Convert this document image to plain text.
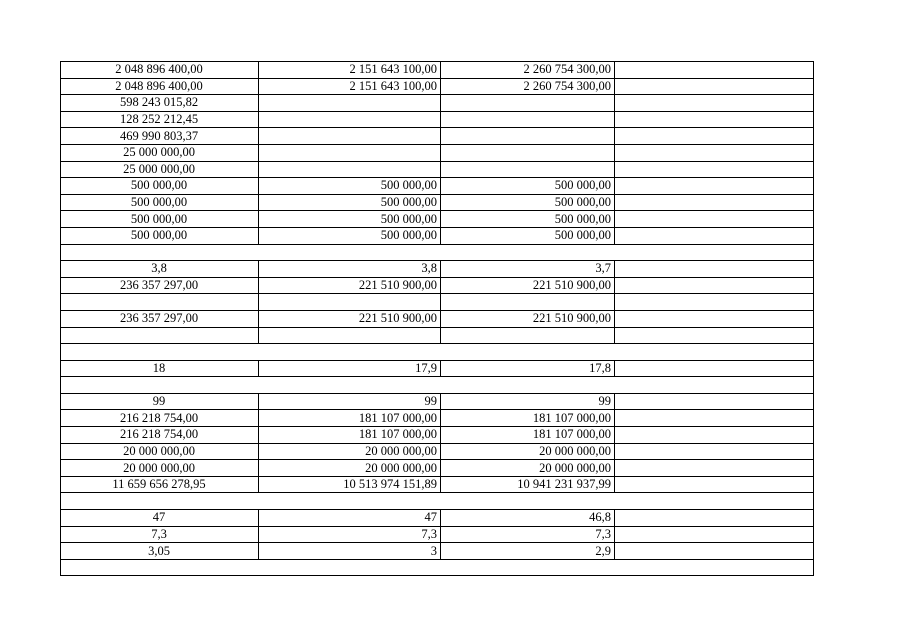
2 048 896 400,00	2 151 643 100,00	2 260 754 300,00	
2 048 896 400,00	2 151 643 100,00	2 260 754 300,00	
598 243 015,82			
128 252 212,45			
469 990 803,37			
25 000 000,00			
25 000 000,00			
500 000,00	500 000,00	500 000,00	
500 000,00	500 000,00	500 000,00	
500 000,00	500 000,00	500 000,00	
500 000,00	500 000,00	500 000,00	

3,8	3,8	3,7	
236 357 297,00	221 510 900,00	221 510 900,00	

236 357 297,00	221 510 900,00	221 510 900,00	

18	17,9	17,8	

99	99	99	
216 218 754,00	181 107 000,00	181 107 000,00	
216 218 754,00	181 107 000,00	181 107 000,00	
20 000 000,00	20 000 000,00	20 000 000,00	
20 000 000,00	20 000 000,00	20 000 000,00	
11 659 656 278,95	10 513 974 151,89	10 941 231 937,99	

47	47	46,8	
7,3	7,3	7,3	
3,05	3	2,9	
